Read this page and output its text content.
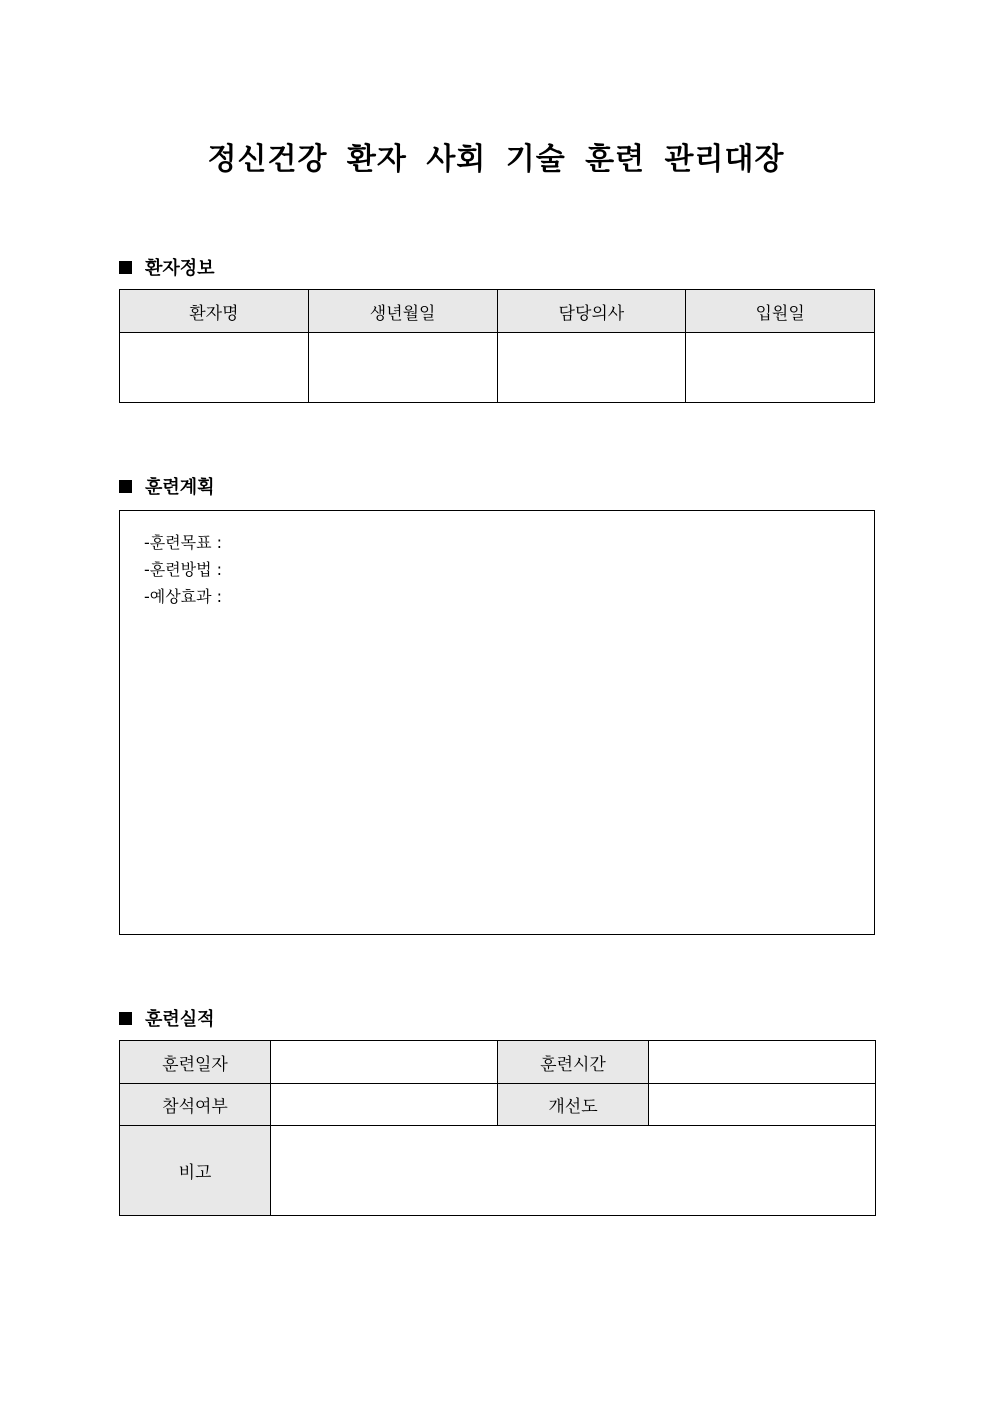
정신건강 환자 사회 기술 훈련 관리대장
환자정보
환자명	생년월일	담당의사	입원일

훈련계획
-훈련목표 :
-훈련방법 :
-예상효과 :
훈련실적
훈련일자		훈련시간	
참석여부		개선도	
비고			
